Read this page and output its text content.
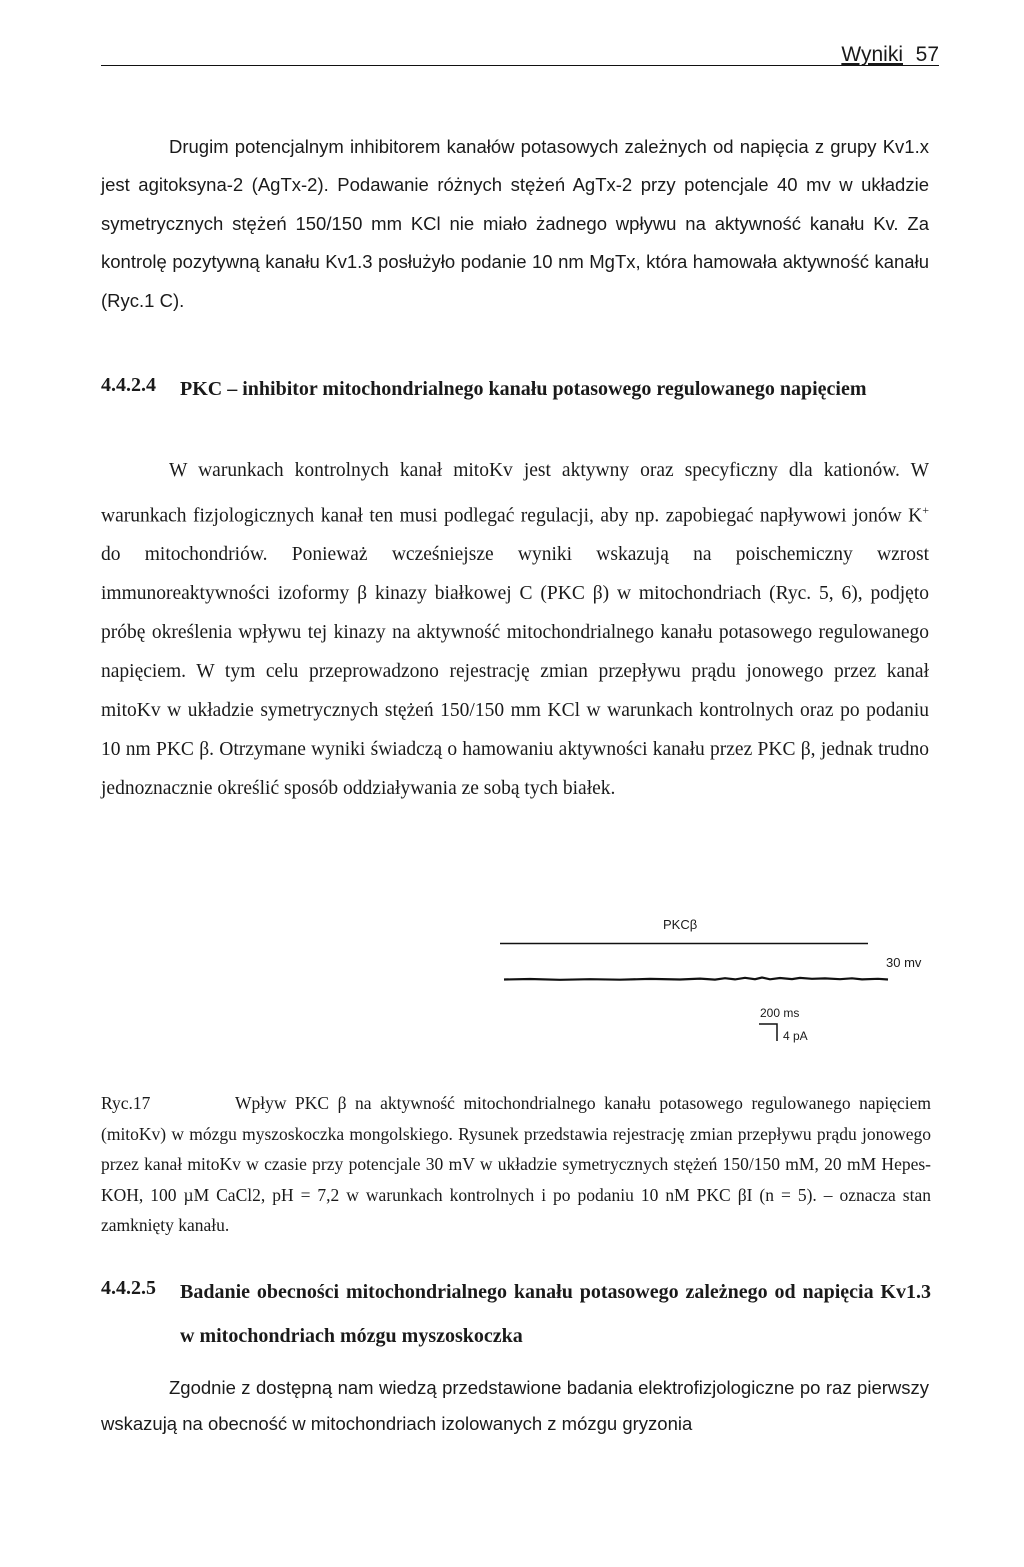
Wyniki 57

Drugim potencjalnym inhibitorem kanałów potasowych zależnych od napięcia z grupy Kv1.x jest agitoksyna-2 (AgTx-2). Podawanie różnych stężeń AgTx-2 przy potencjale 40 mv w układzie symetrycznych stężeń 150/150 mm KCl nie miało żadnego wpływu na aktywność kanału Kv. Za kontrolę pozytywną kanału Kv1.3 posłużyło podanie 10 nm MgTx, która hamowała aktywność kanału (Ryc.1 C).

4.4.2.4 PKC – inhibitor mitochondrialnego kanału potasowego regulowanego napięciem

W warunkach kontrolnych kanał mitoKv jest aktywny oraz specyficzny dla kationów. W warunkach fizjologicznych kanał ten musi podlegać regulacji, aby np. zapobiegać napływowi jonów K+ do mitochondriów. Ponieważ wcześniejsze wyniki wskazują na poischemiczny wzrost immunoreaktywności izoformy β kinazy białkowej C (PKC β) w mitochondriach (Ryc. 5, 6), podjęto próbę określenia wpływu tej kinazy na aktywność mitochondrialnego kanału potasowego regulowanego napięciem. W tym celu przeprowadzono rejestrację zmian przepływu prądu jonowego przez kanał mitoKv w układzie symetrycznych stężeń 150/150 mm KCl w warunkach kontrolnych oraz po podaniu 10 nm PKC β. Otrzymane wyniki świadczą o hamowaniu aktywności kanału przez PKC β, jednak trudno jednoznacznie określić sposób oddziaływania ze sobą tych białek.

PKCβ
30 mv
200 ms
4 pA

Ryc.17	Wpływ PKC β na aktywność mitochondrialnego kanału potasowego regulowanego napięciem (mitoKv) w mózgu myszoskoczka mongolskiego. Rysunek przedstawia rejestrację zmian przepływu prądu jonowego przez kanał mitoKv w czasie przy potencjale 30 mV w układzie symetrycznych stężeń 150/150 mM, 20 mM Hepes-KOH, 100 µM CaCl2, pH = 7,2 w warunkach kontrolnych i po podaniu 10 nM PKC βI (n = 5). – oznacza stan zamknięty kanału.

4.4.2.5 Badanie obecności mitochondrialnego kanału potasowego zależnego od napięcia Kv1.3 w mitochondriach mózgu myszoskoczka

Zgodnie z dostępną nam wiedzą przedstawione badania elektrofizjologiczne po raz pierwszy wskazują na obecność w mitochondriach izolowanych z mózgu gryzonia
